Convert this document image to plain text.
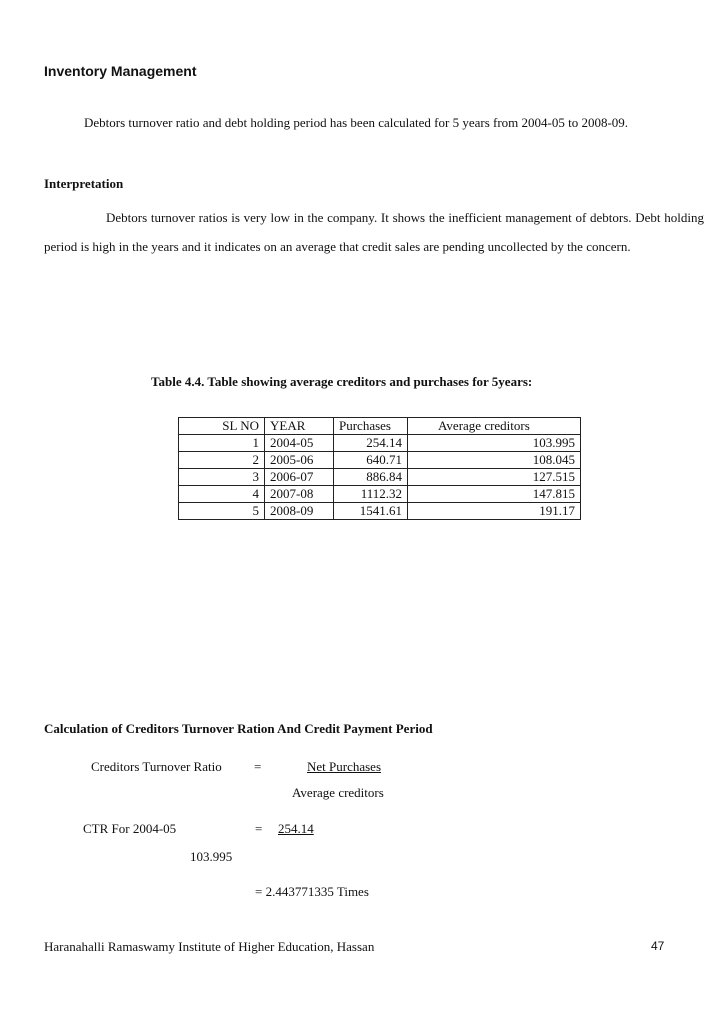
Inventory Management
Debtors turnover ratio and debt holding period has been calculated for 5 years from 2004-05 to 2008-09.
Interpretation
Debtors turnover ratios is very low in the company. It shows the inefficient management of debtors. Debt holding period is high in the years and it indicates on an average that credit sales are pending uncollected by the concern.
Table 4.4. Table showing average creditors and purchases for 5years:
SL NO	YEAR	Purchases	Average creditors
1	2004-05	254.14	103.995
2	2005-06	640.71	108.045
3	2006-07	886.84	127.515
4	2007-08	1112.32	147.815
5	2008-09	1541.61	191.17
Calculation of Creditors Turnover Ration And Credit Payment Period
Creditors Turnover Ratio =	Net Purchases
Average creditors
CTR For 2004-05	= 254.14
103.995
= 2.443771335 Times
Haranahalli Ramaswamy Institute of Higher Education, Hassan	47
